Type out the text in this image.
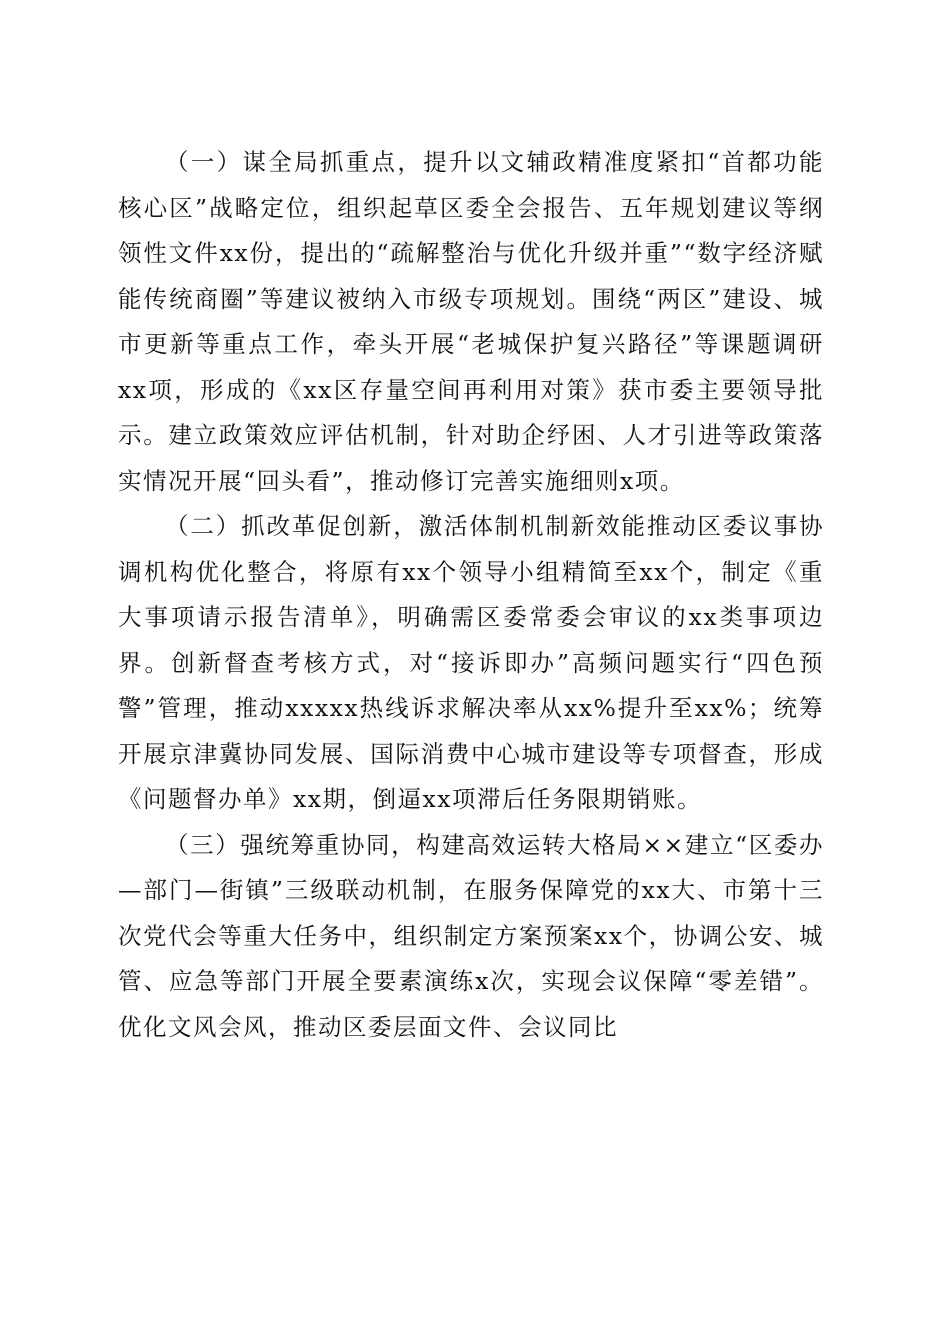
（一）谋全局抓重点，提升以文辅政精准度紧扣“首都功能核心区”战略定位，组织起草区委全会报告、五年规划建议等纲领性文件xx份，提出的“疏解整治与优化升级并重”“数字经济赋能传统商圈”等建议被纳入市级专项规划。围绕“两区”建设、城市更新等重点工作，牵头开展“老城保护复兴路径”等课题调研xx项，形成的《xx区存量空间再利用对策》获市委主要领导批示。建立政策效应评估机制，针对助企纾困、人才引进等政策落实情况开展“回头看”，推动修订完善实施细则x项。

（二）抓改革促创新，激活体制机制新效能推动区委议事协调机构优化整合，将原有xx个领导小组精简至xx个，制定《重大事项请示报告清单》，明确需区委常委会审议的xx类事项边界。创新督查考核方式，对“接诉即办”高频问题实行“四色预警”管理，推动xxxxx热线诉求解决率从xx%提升至xx%；统筹开展京津冀协同发展、国际消费中心城市建设等专项督查，形成《问题督办单》xx期，倒逼xx项滞后任务限期销账。

（三）强统筹重协同，构建高效运转大格局××建立“区委办—部门—街镇”三级联动机制，在服务保障党的xx大、市第十三次党代会等重大任务中，组织制定方案预案xx个，协调公安、城管、应急等部门开展全要素演练x次，实现会议保障“零差错”。优化文风会风，推动区委层面文件、会议同比
